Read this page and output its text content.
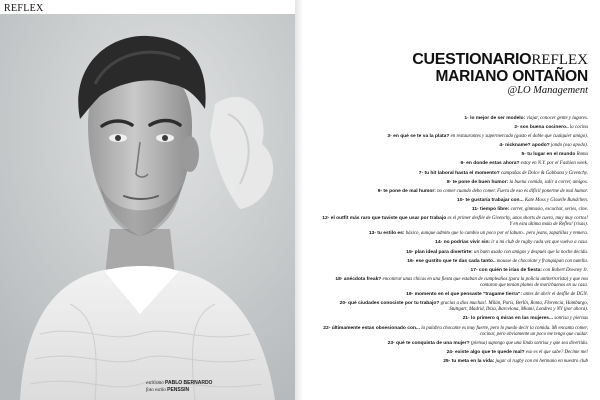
REFLEX
estilismo PABLO BERNARDO
foto estilo PENSSIN
CUESTIONARIOREFLEX
MARIANO ONTAÑON
@LO Management
1- lo mejor de ser modelo: viajar, conocer gente y lugares.
2- sos buena cocinero.. la cocina
3- en qué se te va la plata? en restaurantes y supermercado (gasto el doble que cualquier amigo).
4- nickname? apodo? jondo (oso apodo).
5- tu lugar en el mundo Roma
6- en donde estas ahora? estoy en N.Y. por el Fashion week.
7- tu hit laboral hasta el momento? campañas de Dolce & Gabbana y Givenchy.
8- te pone de buen humor: la buena comida, salir a correr, amigos.
9- te pone de mal humor: no comer cuando debo comer. Fuera de eso es difícil ponerme de mal humor.
10- te gustaría trabajar con... Kate Moss y Gisselle Bundchen.
11- tiempo libre: correr, gimnasio, escuchar, series, cine.
12- el outfit más raro que tuviste que usar por trabajo es el primer desfile de Givenchy, unos shorts de cuero, muy muy cortos! Y en esta última mala de Reflex! (risas).
13- tu estilo es: básico, aunque admito que lo cambio un poco por el laburo.. pero jeans, zapatillas y remera.
14- no podrías vivir sin: ir a mi club de rugby cada vez que vuelvo a casa.
15- plan ideal para divertirte: un buen asado con amigos y después que la noche decida.
16- ese gustito que te das cada tanto.. mousse de chocolate y franquipan con nutella.
17- con quién te irías de fiesta: con Robert Downey Jr.
18- anécdota freak? encontrar unas chicas en una fiesta que estaban de cumpleaños (para la policía antiterrorista) y que nos contaron que tenían planes de morirbuenos en su casa.
19- momento en el que pensaste "tragame tierra": antes de abrir el desfile de DGN.
20- qué ciudades conociste por tu trabajo? gracias a dios muchas!. Milán, París, Berlín, Roma, Florencia, Hamburgo, Stuttgart, Madrid, Ibiza, Barcelona, Miami, Londres y NY (por ahora).
21- lo primero q miras en las mujeres... sonrisa y piernas
22- últimamente estas obsesionado con... la palabra chocante es muy fuerte, pero lo puedo decir la comida. Mi encanta comer, cocinar, pero obviamente un poco me tengo que cuidar.
23- qué te conquista de una mujer? (piensa) supongo que una linda sonrisa y que sea divertida.
24- existe algo que te quede mal? eso es el que sabe? Decime me!
25- tu meta en la vida: jugar al rugby con mi hermano en nuestro club
